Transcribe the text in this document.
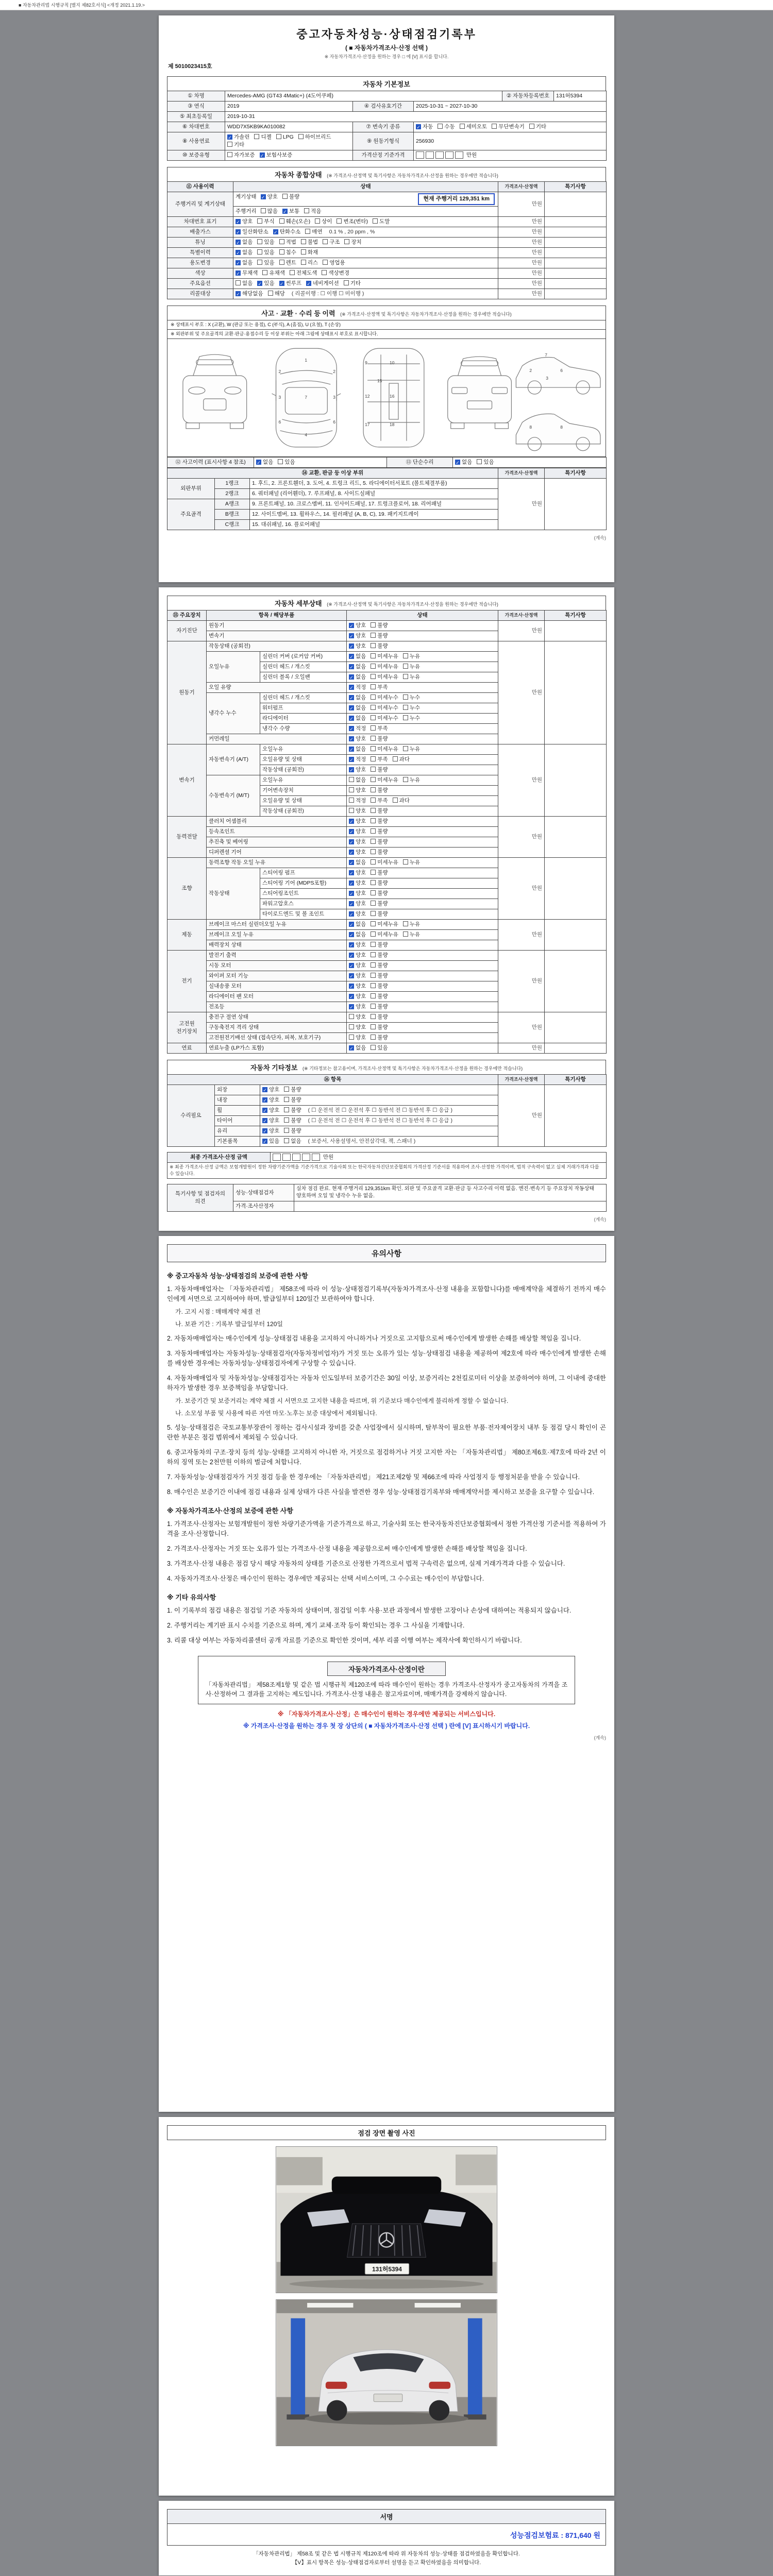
■ 자동차관리법 시행규칙 [별지 제82호서식] <개정 2021.1.19.>
중고자동차성능·상태점검기록부
( ■ 자동차가격조사·산정 선택 )
※ 자동차가격조사·산정을 원하는 경우 □ 에 [V] 표시를 합니다.
제 5010023415호
자동차 기본정보
① 차명	Mercedes-AMG (GT43 4Matic+) (4도어쿠페)			② 자동차등록번호	131허5394
③ 연식	2019	④ 검사유효기간	2025-10-31 ~ 2027-10-30		
⑤ 최초등록일	2019-10-31				
⑥ 차대번호	WDD7X5KB9KA010082	⑦ 변속기 종류	✓자동 수동 세미오토 무단변속기 기타
⑧ 사용연료	✓가솔린 디젤 LPG 하이브리드기타	⑨ 원동기형식	256930		
⑩ 보증유형	자가보증 ✓ 보험사보증	가격산정 기준가격	만원		
자동차 종합상태 (※ 가격조사·산정액 및 특기사항은 자동차가격조사·산정을 원하는 경우에만 적습니다)
⑪ 사용이력	상태	가격조사·산정액	특기사항
주행거리 및 계기상태	현재 주행거리 129,351 km
계기상태 ✓ 양호 불량	만원	
	주행거리 많음 ✓ 보통 적음
차대번호 표기	✓양호 부식 훼손(오손) 상이 변조(변타) 도말	만원	
배출가스	✓일산화탄소 ✓ 탄화수소 매연 0.1 % , 20 ppm , %	만원	
튜닝	✓없음 있음 적법 불법 구조 장치	만원	
특별이력	✓없음 있음 침수 화재	만원	
용도변경	✓없음 있음 렌트 리스 영업용	만원	
색상	✓무채색 유채색 전체도색 색상변경	만원	
주요옵션	없음 ✓ 있음 ✓ 썬루프 ✓ 네비게이션 기타	만원	
리콜대상	✓해당없음 해당 ( 리콜이행 : ☐ 이행 ☐ 미이행 )	만원	
사고 · 교환 · 수리 등 이력 (※ 가격조사·산정액 및 특기사항은 자동차가격조사·산정을 원하는 경우에만 적습니다)
※ 상태표시 부호 : X (교환), W (판금 또는 용접), C (부식), A (흠집), U (요철), T (손상)
※ 외판부위 및 주요골격의 교환·판금·용접수리 등 이상 부위는 아래 그림에 상태표시 부호로 표시합니다.
1
7
4
3	3
2	2
6	6
9	10
12	16
17	18
15
7
2	6
3
8	8
⑫ 사고이력 (표시사항 4 참조)	✓없음 있음	⑬ 단순수리	✓없음 있음
⑭ 교환, 판금 등 이상 부위			가격조사·산정액	특기사항
외판부위	1랭크	1. 후드, 2. 프론트휀더, 3. 도어, 4. 트렁크 리드, 5. 라디에이터서포트 (볼트체결부품)	만원	
	2랭크	6. 쿼터패널 (리어휀더), 7. 루프패널, 8. 사이드실패널		
주요골격	A랭크	9. 프론트패널, 10. 크로스멤버, 11. 인사이드패널, 17. 트렁크플로어, 18. 리어패널		
	B랭크	12. 사이드멤버, 13. 휠하우스, 14. 필러패널 (A, B, C), 19. 패키지트레이		
	C랭크	15. 대쉬패널, 16. 플로어패널		
(계속)
자동차 세부상태 (※ 가격조사·산정액 및 특기사항은 자동차가격조사·산정을 원하는 경우에만 적습니다)
⑮ 주요장치	항목 / 해당부품		상태	가격조사·산정액	특기사항
자기진단	원동기	✓양호 불량	만원	
	변속기	✓양호 불량
원동기	작동상태 (공회전)	✓양호 불량	만원	
	오일누유	실린더 커버 (로커암 커버)	✓없음 미세누유 누유
		실린더 헤드 / 개스킷	✓없음 미세누유 누유
		실린더 블록 / 오일팬	✓없음 미세누유 누유
	오일 유량	✓적정 부족
	냉각수 누수	실린더 헤드 / 개스킷	✓없음 미세누수 누수
		워터펌프	✓없음 미세누수 누수
		라디에이터	✓없음 미세누수 누수
		냉각수 수량	✓적정 부족
	커먼레일	✓양호 불량
변속기	자동변속기 (A/T)	오일누유	✓없음 미세누유 누유	만원	
		오일유량 및 상태	✓적정 부족 과다
		작동상태 (공회전)	✓양호 불량
	수동변속기 (M/T)	오일누유	없음 미세누유 누유		
		기어변속장치	양호 불량		
		오일유량 및 상태	적정 부족 과다		
		작동상태 (공회전)	양호 불량		
동력전달	클러치 어셈블리	✓양호 불량	만원	
	등속조인트	✓양호 불량
	추진축 및 베어링	✓양호 불량
	디퍼렌셜 기어	✓양호 불량
조향	동력조향 작동 오일 누유	✓없음 미세누유 누유	만원	
	작동상태	스티어링 펌프	✓양호 불량
		스티어링 기어 (MDPS포함)	✓양호 불량
		스티어링조인트	✓양호 불량
		파워고압호스	✓양호 불량
		타이로드엔드 및 볼 조인트	✓양호 불량
제동	브레이크 마스터 실린더오일 누유	✓없음 미세누유 누유	만원	
	브레이크 오일 누유	✓없음 미세누유 누유
	배력장치 상태	✓양호 불량
전기	발전기 출력	✓양호 불량	만원	
	시동 모터	✓양호 불량
	와이퍼 모터 기능	✓양호 불량
	실내송풍 모터	✓양호 불량
	라디에이터 팬 모터	✓양호 불량
	전조등	✓양호 불량
고전원 전기장치	충전구 절연 상태		양호 불량	만원	
	구동축전지 격리 상태		양호 불량		
	고전원전기배선 상태 (접속단자, 피복, 보호기구)		양호 불량		
연료	연료누출 (LP가스 포함)	✓없음 있음	만원	
자동차 기타정보 (※ 기타정보는 참고용이며, 가격조사·산정액 및 특기사항은 자동차가격조사·산정을 원하는 경우에만 적습니다)
⑯ 항목			가격조사·산정액	특기사항
수리필요	외장	✓양호 불량	만원	
	내장	✓양호 불량
	휠	✓양호 불량 ( ☐ 운전석 전 ☐ 운전석 후 ☐ 동반석 전 ☐ 동반석 후 ☐ 응급 )
	타이어	✓양호 불량 ( ☐ 운전석 전 ☐ 운전석 후 ☐ 동반석 전 ☐ 동반석 후 ☐ 응급 )
	유리	✓양호 불량
	기본품목	✓있음 없음 ( 보증서, 사용설명서, 안전삼각대, 잭, 스패너 )
최종 가격조사·산정 금액	만원
※ 최종 가격조사·산정 금액은 보험개발원이 정한 차량기준가액을 기준가격으로 기술사회 또는 한국자동차진단보증협회의 가격산정 기준서를 적용하여 조사·산정한 가격이며, 법적 구속력이 없고 실제 거래가격과 다를 수 있습니다.
특기사항 및 점검자의 의견	성능·상태점검자	실차 점검 완료. 현재 주행거리 129,351km 확인. 외판 및 주요골격 교환·판금 등 사고수리 이력 없음. 엔진·변속기 등 주요장치 작동상태 양호하며 오일 및 냉각수 누유 없음.
	가격·조사산정자	
(계속)
유의사항
※ 중고자동차 성능·상태점검의 보증에 관한 사항
1. 자동차매매업자는 「자동차관리법」 제58조에 따라 이 성능·상태점검기록부(자동차가격조사·산정 내용을 포함합니다)를 매매계약을 체결하기 전까지 매수인에게 서면으로 고지하여야 하며, 발급일부터 120일간 보관하여야 합니다.
가. 고지 시점 : 매매계약 체결 전
나. 보관 기간 : 기록부 발급일부터 120일
2. 자동차매매업자는 매수인에게 성능·상태점검 내용을 고지하지 아니하거나 거짓으로 고지함으로써 매수인에게 발생한 손해를 배상할 책임을 집니다.
3. 자동차매매업자는 자동차성능·상태점검자(자동차정비업자)가 거짓 또는 오류가 있는 성능·상태점검 내용을 제공하여 제2호에 따라 매수인에게 발생한 손해를 배상한 경우에는 자동차성능·상태점검자에게 구상할 수 있습니다.
4. 자동차매매업자 및 자동차성능·상태점검자는 자동차 인도일부터 보증기간은 30일 이상, 보증거리는 2천킬로미터 이상을 보증하여야 하며, 그 이내에 중대한 하자가 발생한 경우 보증책임을 부담합니다.
가. 보증기간 및 보증거리는 계약 체결 시 서면으로 고지한 내용을 따르며, 위 기준보다 매수인에게 불리하게 정할 수 없습니다.
나. 소모성 부품 및 사용에 따른 자연 마모·노후는 보증 대상에서 제외됩니다.
5. 성능·상태점검은 국토교통부장관이 정하는 검사시설과 장비를 갖춘 사업장에서 실시하며, 탈부착이 필요한 부품·전자제어장치 내부 등 점검 당시 확인이 곤란한 부분은 점검 범위에서 제외될 수 있습니다.
6. 중고자동차의 구조·장치 등의 성능·상태를 고지하지 아니한 자, 거짓으로 점검하거나 거짓 고지한 자는 「자동차관리법」 제80조제6호·제7호에 따라 2년 이하의 징역 또는 2천만원 이하의 벌금에 처합니다.
7. 자동차성능·상태점검자가 거짓 점검 등을 한 경우에는 「자동차관리법」 제21조제2항 및 제66조에 따라 사업정지 등 행정처분을 받을 수 있습니다.
8. 매수인은 보증기간 이내에 점검 내용과 실제 상태가 다른 사실을 발견한 경우 성능·상태점검기록부와 매매계약서를 제시하고 보증을 요구할 수 있습니다.
※ 자동차가격조사·산정의 보증에 관한 사항
1. 가격조사·산정자는 보험개발원이 정한 차량기준가액을 기준가격으로 하고, 기술사회 또는 한국자동차진단보증협회에서 정한 가격산정 기준서를 적용하여 가격을 조사·산정합니다.
2. 가격조사·산정자는 거짓 또는 오류가 있는 가격조사·산정 내용을 제공함으로써 매수인에게 발생한 손해를 배상할 책임을 집니다.
3. 가격조사·산정 내용은 점검 당시 해당 자동차의 상태를 기준으로 산정한 가격으로서 법적 구속력은 없으며, 실제 거래가격과 다를 수 있습니다.
4. 자동차가격조사·산정은 매수인이 원하는 경우에만 제공되는 선택 서비스이며, 그 수수료는 매수인이 부담합니다.
※ 기타 유의사항
1. 이 기록부의 점검 내용은 점검일 기준 자동차의 상태이며, 점검일 이후 사용·보관 과정에서 발생한 고장이나 손상에 대하여는 적용되지 않습니다.
2. 주행거리는 계기판 표시 수치를 기준으로 하며, 계기 교체·조작 등이 확인되는 경우 그 사실을 기재합니다.
3. 리콜 대상 여부는 자동차리콜센터 공개 자료를 기준으로 확인한 것이며, 세부 리콜 이행 여부는 제작사에 확인하시기 바랍니다.
자동차가격조사·산정이란
「자동차관리법」 제58조제1항 및 같은 법 시행규칙 제120조에 따라 매수인이 원하는 경우 가격조사·산정자가 중고자동차의 가격을 조사·산정하여 그 결과를 고지하는 제도입니다. 가격조사·산정 내용은 참고자료이며, 매매가격을 강제하지 않습니다.
※ 「자동차가격조사·산정」은 매수인이 원하는 경우에만 제공되는 서비스입니다.
※ 가격조사·산정을 원하는 경우 첫 장 상단의 ( ■ 자동차가격조사·산정 선택 ) 란에 [V] 표시하시기 바랍니다.
(계속)
점검 장면 촬영 사진
131허5394
서명
성능점검보험료 : 871,640 원
「자동차관리법」 제58조 및 같은 법 시행규칙 제120조에 따라 위 자동차의 성능·상태를 점검하였음을 확인합니다.
【V】표시 항목은 성능·상태점검자로부터 설명을 듣고 확인하였음을 의미합니다.
